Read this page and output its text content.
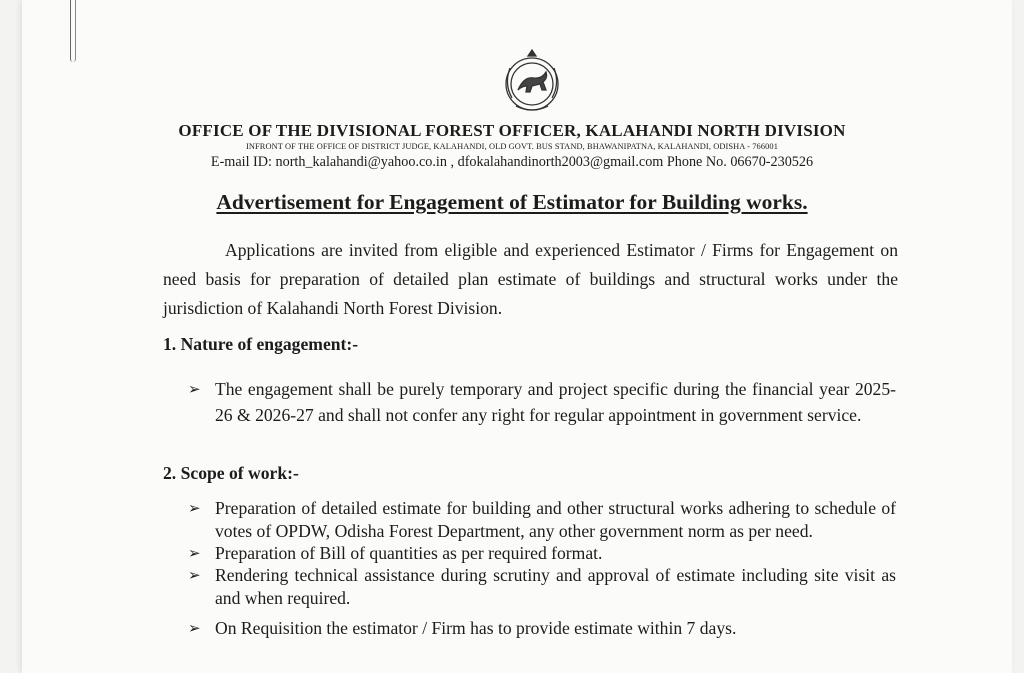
OFFICE OF THE DIVISIONAL FOREST OFFICER, KALAHANDI NORTH DIVISION
INFRONT OF THE OFFICE OF DISTRICT JUDGE, KALAHANDI, OLD GOVT. BUS STAND, BHAWANIPATNA, KALAHANDI, ODISHA - 766001
E-mail ID: north_kalahandi@yahoo.co.in , dfokalahandinorth2003@gmail.com Phone No. 06670-230526
Advertisement for Engagement of Estimator for Building works.

Applications are invited from eligible and experienced Estimator / Firms for Engagement on need basis for preparation of detailed plan estimate of buildings and structural works under the jurisdiction of Kalahandi North Forest Division.

1. Nature of engagement:-
➢ The engagement shall be purely temporary and project specific during the financial year 2025-26 & 2026-27 and shall not confer any right for regular appointment in government service.
2. Scope of work:-
➢ Preparation of detailed estimate for building and other structural works adhering to schedule of votes of OPDW, Odisha Forest Department, any other government norm as per need.
➢ Preparation of Bill of quantities as per required format.
➢ Rendering technical assistance during scrutiny and approval of estimate including site visit as and when required.
➢ On Requisition the estimator / Firm has to provide estimate within 7 days.
